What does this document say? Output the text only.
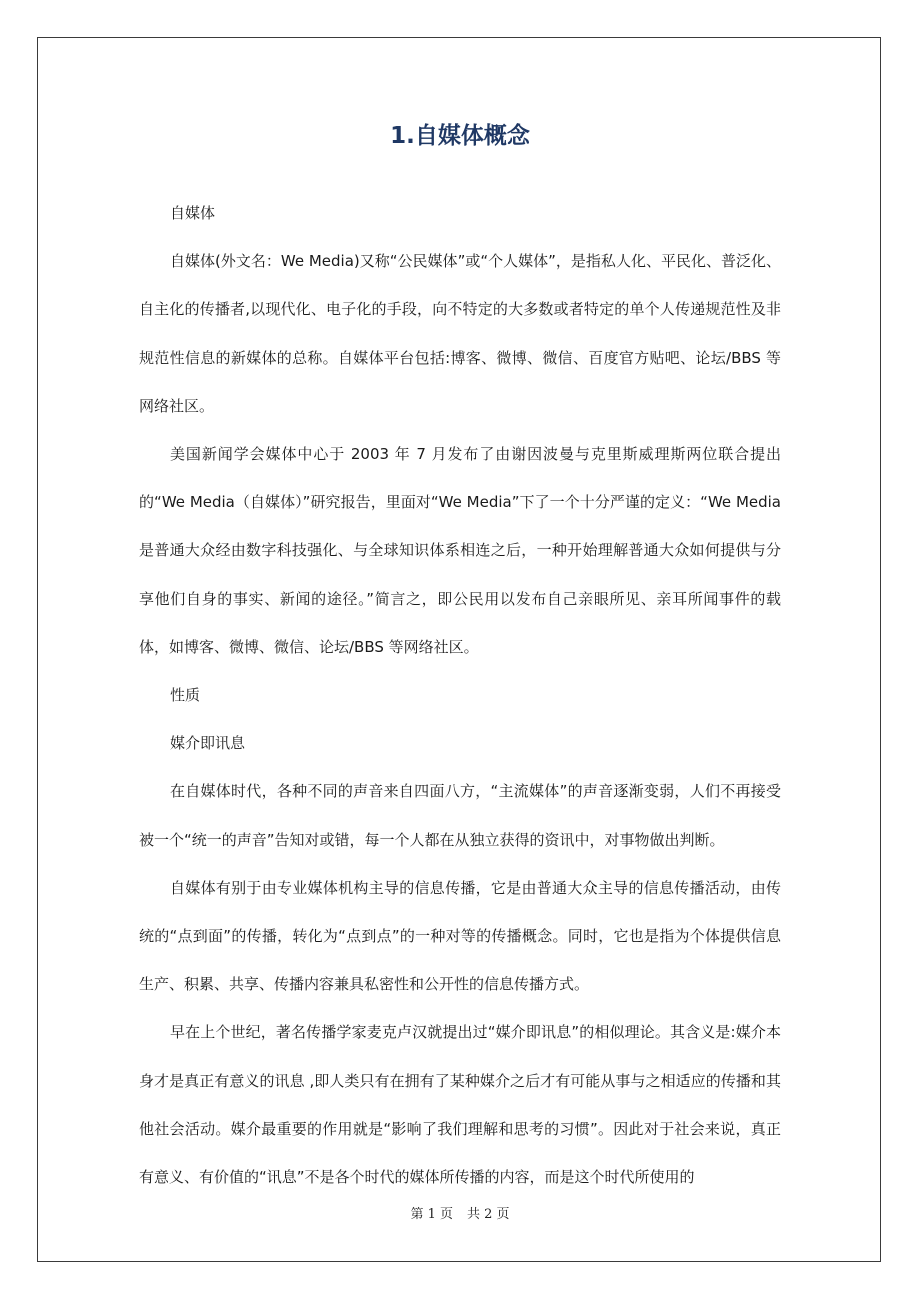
1.自媒体概念

自媒体

自媒体(外文名：We Media)又称“公民媒体”或“个人媒体”，是指私人化、平民化、普泛化、自主化的传播者,以现代化、电子化的手段，向不特定的大多数或者特定的单个人传递规范性及非规范性信息的新媒体的总称。自媒体平台包括:博客、微博、微信、百度官方贴吧、论坛/BBS 等网络社区。

美国新闻学会媒体中心于 2003 年 7 月发布了由谢因波曼与克里斯威理斯两位联合提出的“We Media（自媒体）”研究报告，里面对“We Media”下了一个十分严谨的定义：“We Media 是普通大众经由数字科技强化、与全球知识体系相连之后，一种开始理解普通大众如何提供与分享他们自身的事实、新闻的途径。”简言之，即公民用以发布自己亲眼所见、亲耳所闻事件的载体，如博客、微博、微信、论坛/BBS 等网络社区。

性质

媒介即讯息

在自媒体时代，各种不同的声音来自四面八方，“主流媒体”的声音逐渐变弱，人们不再接受被一个“统一的声音”告知对或错，每一个人都在从独立获得的资讯中，对事物做出判断。

自媒体有别于由专业媒体机构主导的信息传播，它是由普通大众主导的信息传播活动，由传统的“点到面”的传播，转化为“点到点”的一种对等的传播概念。同时，它也是指为个体提供信息生产、积累、共享、传播内容兼具私密性和公开性的信息传播方式。

早在上个世纪，著名传播学家麦克卢汉就提出过“媒介即讯息”的相似理论。其含义是:媒介本身才是真正有意义的讯息 ,即人类只有在拥有了某种媒介之后才有可能从事与之相适应的传播和其他社会活动。媒介最重要的作用就是“影响了我们理解和思考的习惯”。因此对于社会来说，真正有意义、有价值的“讯息”不是各个时代的媒体所传播的内容，而是这个时代所使用的

第 1 页 共 2 页
